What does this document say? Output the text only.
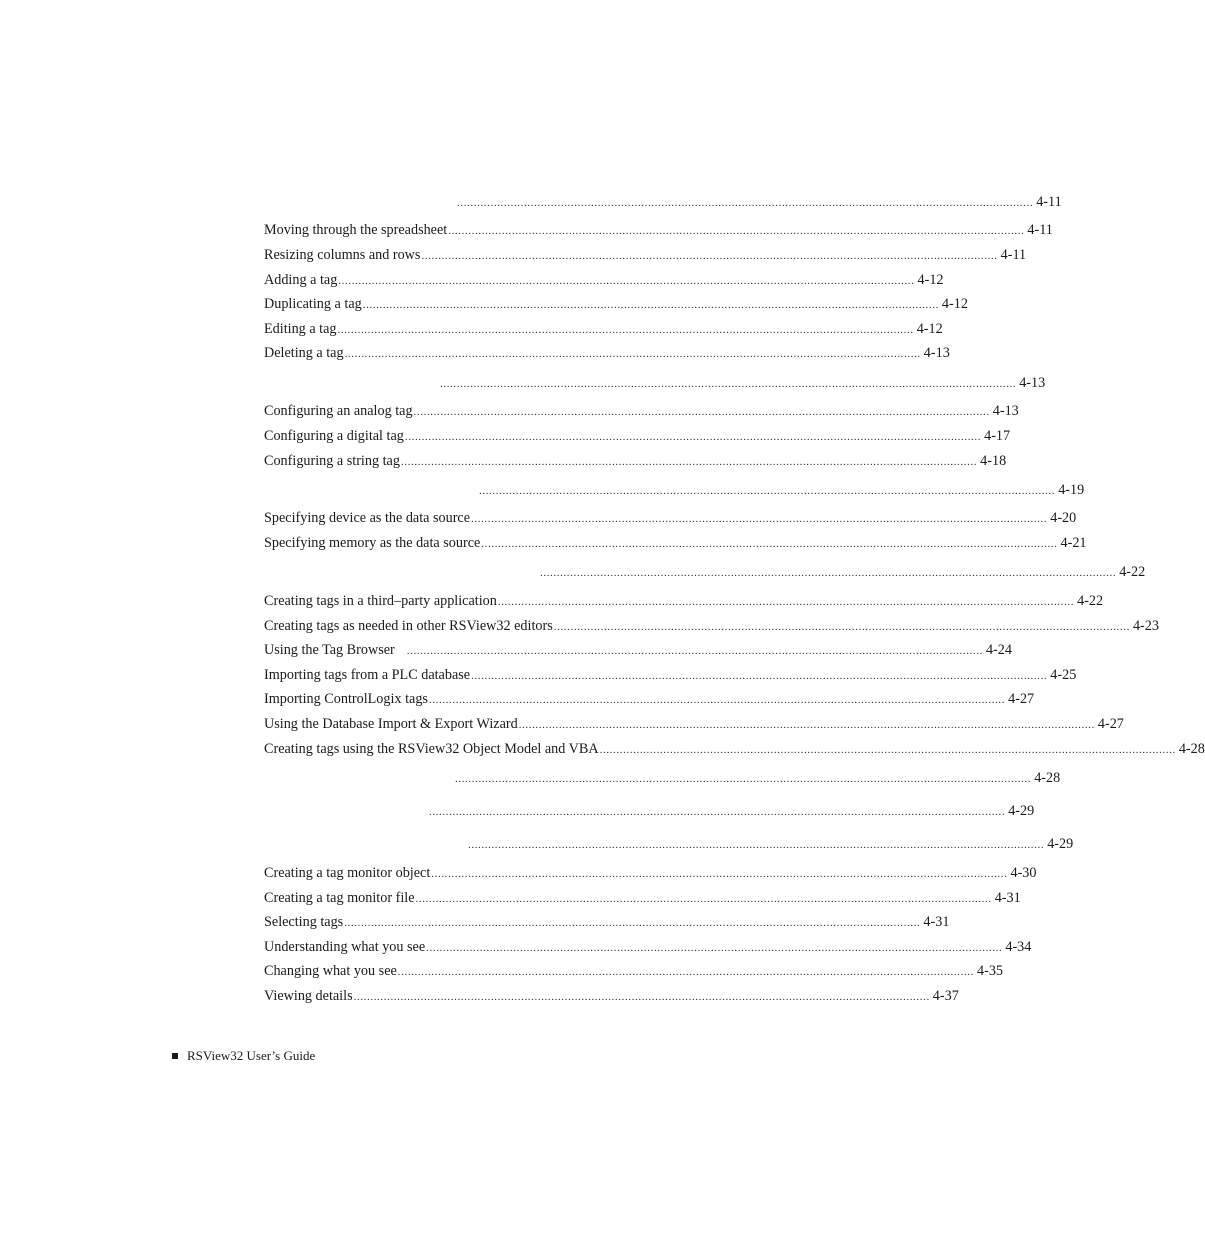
............................................................................................................................................................................ 4-11
Moving through the spreadsheet ............................................................................................................................................................................ 4-11
Resizing columns and rows ............................................................................................................................................................................ 4-11
Adding a tag ............................................................................................................................................................................ 4-12
Duplicating a tag ............................................................................................................................................................................ 4-12
Editing a tag ............................................................................................................................................................................ 4-12
Deleting a tag ............................................................................................................................................................................ 4-13
............................................................................................................................................................................ 4-13
Configuring an analog tag ............................................................................................................................................................................ 4-13
Configuring a digital tag ............................................................................................................................................................................ 4-17
Configuring a string tag ............................................................................................................................................................................ 4-18
............................................................................................................................................................................ 4-19
Specifying device as the data source ............................................................................................................................................................................ 4-20
Specifying memory as the data source ............................................................................................................................................................................ 4-21
............................................................................................................................................................................ 4-22
Creating tags in a third–party application ............................................................................................................................................................................ 4-22
Creating tags as needed in other RSView32 editors ............................................................................................................................................................................ 4-23
Using the Tag Browser ............................................................................................................................................................................ 4-24
Importing tags from a PLC database ............................................................................................................................................................................ 4-25
Importing ControlLogix tags ............................................................................................................................................................................ 4-27
Using the Database Import & Export Wizard ............................................................................................................................................................................ 4-27
Creating tags using the RSView32 Object Model and VBA ............................................................................................................................................................................ 4-28
............................................................................................................................................................................ 4-28
............................................................................................................................................................................ 4-29
............................................................................................................................................................................ 4-29
Creating a tag monitor object ............................................................................................................................................................................ 4-30
Creating a tag monitor file ............................................................................................................................................................................ 4-31
Selecting tags ............................................................................................................................................................................ 4-31
Understanding what you see ............................................................................................................................................................................ 4-34
Changing what you see ............................................................................................................................................................................ 4-35
Viewing details ............................................................................................................................................................................ 4-37
RSView32 User’s Guide
